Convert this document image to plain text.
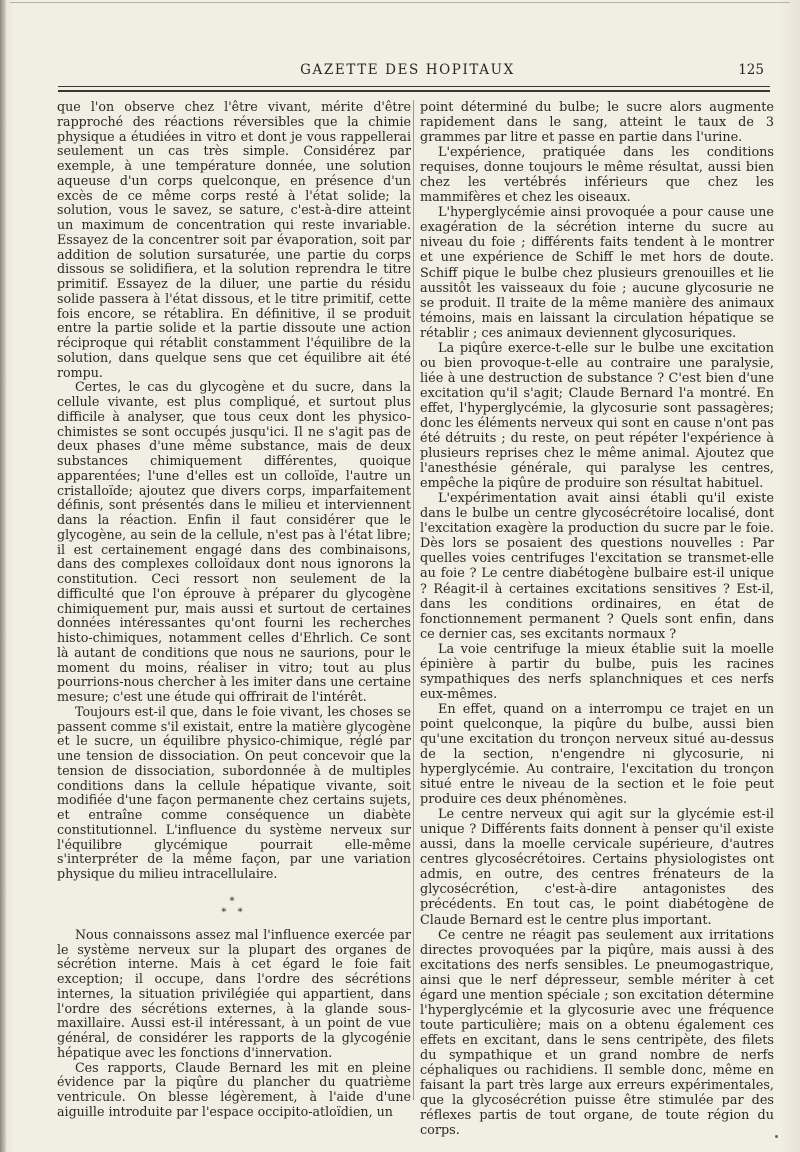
GAZETTE DES HOPITAUX	125

que l'on observe chez l'être vivant, mérite d'être rapproché des réactions réversibles que la chimie physique a étudiées in vitro et dont je vous rappellerai seulement un cas très simple. Considérez par exemple, à une température donnée, une solution aqueuse d'un corps quelconque, en présence d'un excès de ce même corps resté à l'état solide; la solution, vous le savez, se sature, c'est-à-dire atteint un maximum de concentration qui reste invariable. Essayez de la concentrer soit par évaporation, soit par addition de solution sursaturée, une partie du corps dissous se solidifiera, et la solution reprendra le titre primitif. Essayez de la diluer, une partie du résidu solide passera à l'état dissous, et le titre primitif, cette fois encore, se rétablira. En définitive, il se produit entre la partie solide et la partie dissoute une action réciproque qui rétablit constamment l'équilibre de la solution, dans quelque sens que cet équilibre ait été rompu.

Certes, le cas du glycogène et du sucre, dans la cellule vivante, est plus compliqué, et surtout plus difficile à analyser, que tous ceux dont les physico-chimistes se sont occupés jusqu'ici. Il ne s'agit pas de deux phases d'une même substance, mais de deux substances chimiquement différentes, quoique apparentées; l'une d'elles est un colloïde, l'autre un cristalloïde; ajoutez que divers corps, imparfaitement définis, sont présentés dans le milieu et interviennent dans la réaction. Enfin il faut considérer que le glycogène, au sein de la cellule, n'est pas à l'état libre; il est certainement engagé dans des combinaisons, dans des complexes colloïdaux dont nous ignorons la constitution. Ceci ressort non seulement de la difficulté que l'on éprouve à préparer du glycogène chimiquement pur, mais aussi et surtout de certaines données intéressantes qu'ont fourni les recherches histo-chimiques, notamment celles d'Ehrlich. Ce sont là autant de conditions que nous ne saurions, pour le moment du moins, réaliser in vitro; tout au plus pourrions-nous chercher à les imiter dans une certaine mesure; c'est une étude qui offrirait de l'intérêt.

Toujours est-il que, dans le foie vivant, les choses se passent comme s'il existait, entre la matière glycogène et le sucre, un équilibre physico-chimique, réglé par une tension de dissociation. On peut concevoir que la tension de dissociation, subordonnée à de multiples conditions dans la cellule hépatique vivante, soit modifiée d'une façon permanente chez certains sujets, et entraîne comme conséquence un diabète constitutionnel. L'influence du système nerveux sur l'équilibre glycémique pourrait elle-même s'interpréter de la même façon, par une variation physique du milieu intracellulaire.

*
* *

Nous connaissons assez mal l'influence exercée par le système nerveux sur la plupart des organes de sécrétion interne. Mais à cet égard le foie fait exception; il occupe, dans l'ordre des sécrétions internes, la situation privilégiée qui appartient, dans l'ordre des sécrétions externes, à la glande sous-maxillaire. Aussi est-il intéressant, à un point de vue général, de considérer les rapports de la glycogénie hépatique avec les fonctions d'innervation.

Ces rapports, Claude Bernard les mit en pleine évidence par la piqûre du plancher du quatrième ventricule. On blesse légèrement, à l'aide d'une aiguille introduite par l'espace occipito-atloïdien, un

point déterminé du bulbe; le sucre alors augmente rapidement dans le sang, atteint le taux de 3 grammes par litre et passe en partie dans l'urine.

L'expérience, pratiquée dans les conditions requises, donne toujours le même résultat, aussi bien chez les vertébrés inférieurs que chez les mammifères et chez les oiseaux.

L'hyperglycémie ainsi provoquée a pour cause une exagération de la sécrétion interne du sucre au niveau du foie ; différents faits tendent à le montrer et une expérience de Schiff le met hors de doute. Schiff pique le bulbe chez plusieurs grenouilles et lie aussitôt les vaisseaux du foie ; aucune glycosurie ne se produit. Il traite de la même manière des animaux témoins, mais en laissant la circulation hépatique se rétablir ; ces animaux deviennent glycosuriques.

La piqûre exerce-t-elle sur le bulbe une excitation ou bien provoque-t-elle au contraire une paralysie, liée à une destruction de substance ? C'est bien d'une excitation qu'il s'agit; Claude Bernard l'a montré. En effet, l'hyperglycémie, la glycosurie sont passagères; donc les éléments nerveux qui sont en cause n'ont pas été détruits ; du reste, on peut répéter l'expérience à plusieurs reprises chez le même animal. Ajoutez que l'anesthésie générale, qui paralyse les centres, empêche la piqûre de produire son résultat habituel.

L'expérimentation avait ainsi établi qu'il existe dans le bulbe un centre glycosécrétoire localisé, dont l'excitation exagère la production du sucre par le foie. Dès lors se posaient des questions nouvelles : Par quelles voies centrifuges l'excitation se transmet-elle au foie ? Le centre diabétogène bulbaire est-il unique ? Réagit-il à certaines excitations sensitives ? Est-il, dans les conditions ordinaires, en état de fonctionnement permanent ? Quels sont enfin, dans ce dernier cas, ses excitants normaux ?

La voie centrifuge la mieux établie suit la moelle épinière à partir du bulbe, puis les racines sympathiques des nerfs splanchniques et ces nerfs eux-mêmes.

En effet, quand on a interrompu ce trajet en un point quelconque, la piqûre du bulbe, aussi bien qu'une excitation du tronçon nerveux situé au-dessus de la section, n'engendre ni glycosurie, ni hyperglycémie. Au contraire, l'excitation du tronçon situé entre le niveau de la section et le foie peut produire ces deux phénomènes.

Le centre nerveux qui agit sur la glycémie est-il unique ? Différents faits donnent à penser qu'il existe aussi, dans la moelle cervicale supérieure, d'autres centres glycosécrétoires. Certains physiologistes ont admis, en outre, des centres frénateurs de la glycosécrétion, c'est-à-dire antagonistes des précédents. En tout cas, le point diabétogène de Claude Bernard est le centre plus important.

Ce centre ne réagit pas seulement aux irritations directes provoquées par la piqûre, mais aussi à des excitations des nerfs sensibles. Le pneumogastrique, ainsi que le nerf dépresseur, semble mériter à cet égard une mention spéciale ; son excitation détermine l'hyperglycémie et la glycosurie avec une fréquence toute particulière; mais on a obtenu également ces effets en excitant, dans le sens centripète, des filets du sympathique et un grand nombre de nerfs céphaliques ou rachidiens. Il semble donc, même en faisant la part très large aux erreurs expérimentales, que la glycosécrétion puisse être stimulée par des réflexes partis de tout organe, de toute région du corps.
